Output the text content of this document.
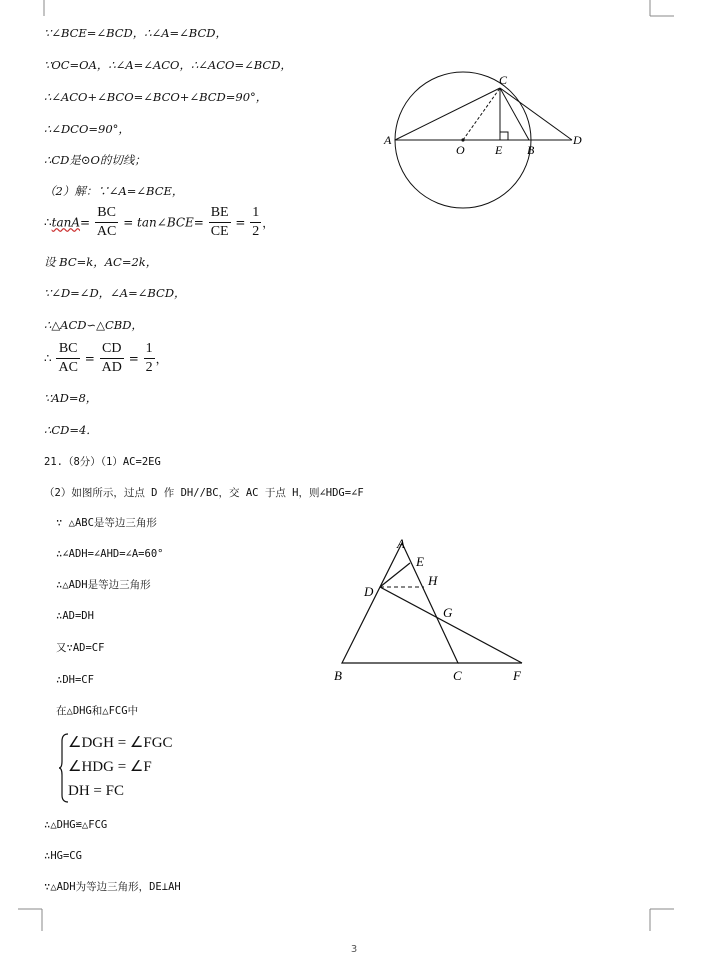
∵∠BCE=∠BCD，∴∠A=∠BCD，
∵OC=OA，∴∠A=∠ACO，∴∠ACO=∠BCD，
∴∠ACO+∠BCO=∠BCO+∠BCD=90°，
∴∠DCO=90°，
∴CD是⊙O的切线；
（2）解：∵∠A=∠BCE，
∴tanA= $\frac{BC}{AC}$ = tan∠BCE= $\frac{BE}{CE} = \frac{1}{2}$ ，
设 BC=k，AC=2k，
∵∠D=∠D，∠A=∠BCD，
∴△ACD∽△CBD，
∴ $\frac{BC}{AC} = \frac{CD}{AD} = \frac{1}{2}$ ，
∵AD=8，
∴CD=4．
21.（8分）（1）AC=2EG
（2）如图所示，过点 D 作 DH//BC，交 AC 于点 H，则∠HDG=∠F
∵ △ABC是等边三角形
∴∠ADH=∠AHD=∠A=60°
∴△ADH是等边三角形
∴AD=DH
又∵AD=CF
∴DH=CF
在△DHG和△FCG中
∠DGH = ∠FGC
∠HDG = ∠F
DH = FC
∴△DHG≌△FCG
∴HG=CG
∵△ADH为等边三角形，DE⊥AH
A
O	E B
D
C
A
E
H
D
G
B	C	F
3
